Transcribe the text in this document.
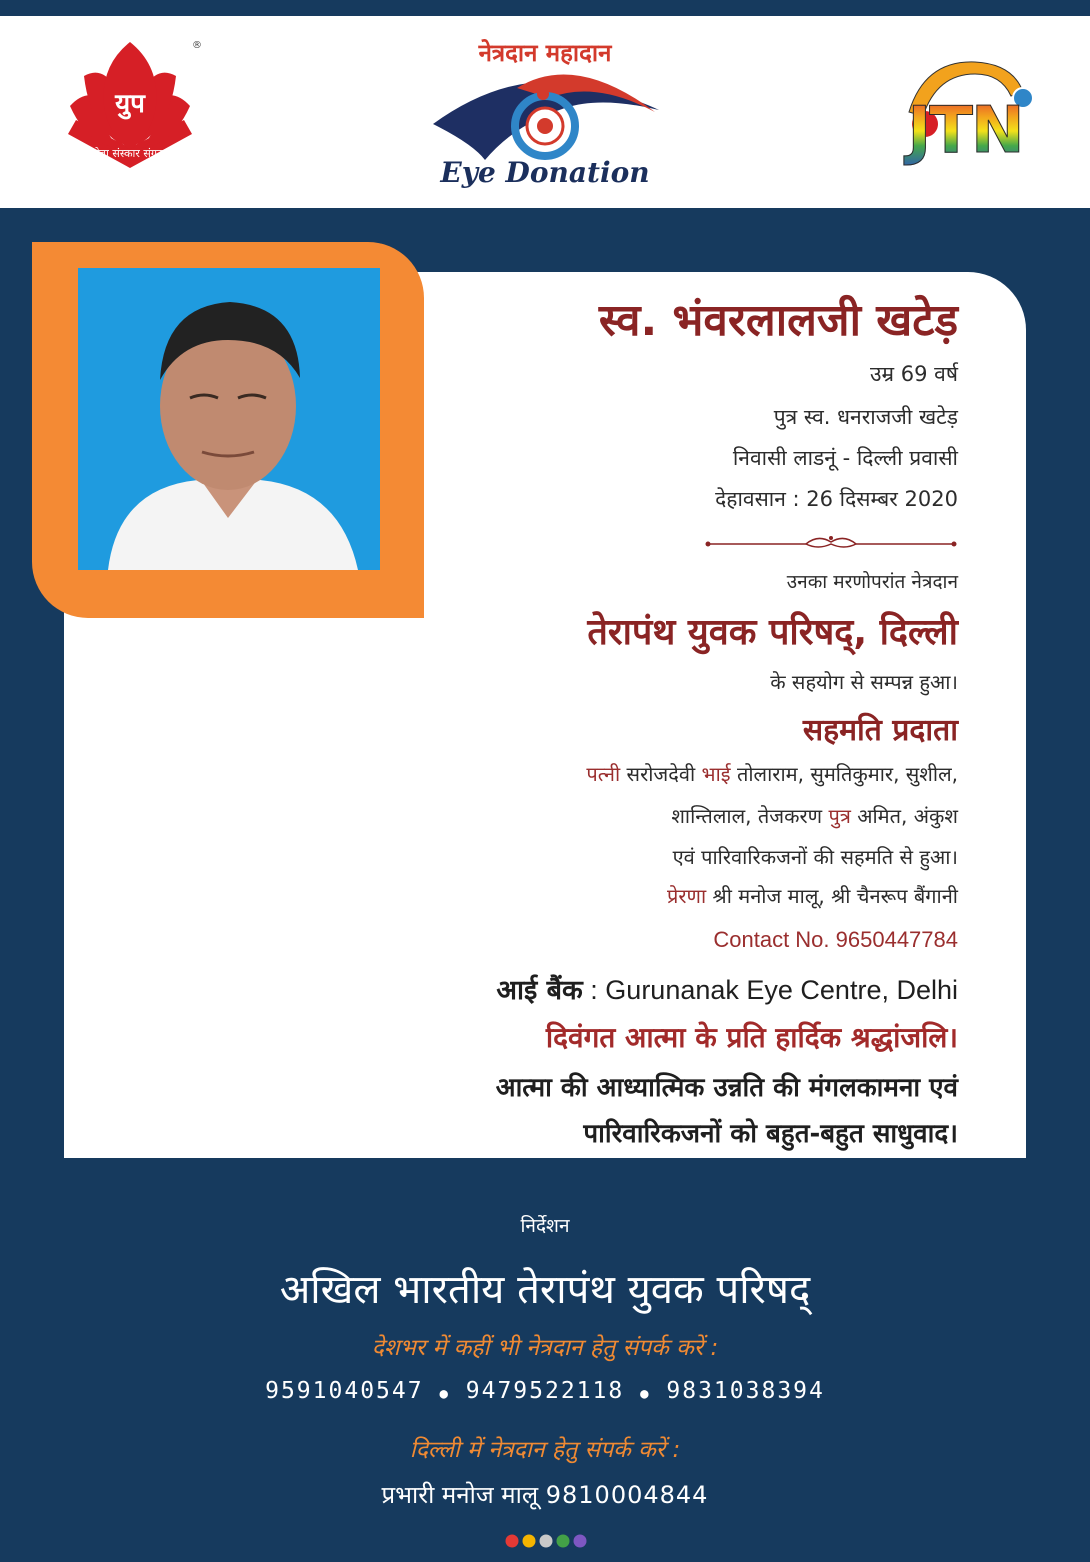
युप
®
सेवा संस्कार संगठन
नेत्रदान महादान
Eye Donation
JTN
स्व. भंवरलालजी खटेड़
उम्र 69 वर्ष
पुत्र स्व. धनराजजी खटेड़
निवासी लाडनूं - दिल्ली प्रवासी
देहावसान : 26 दिसम्बर 2020
उनका मरणोपरांत नेत्रदान
तेरापंथ युवक परिषद्, दिल्ली
के सहयोग से सम्पन्न हुआ।
सहमति प्रदाता
पत्नी सरोजदेवी भाई तोलाराम, सुमतिकुमार, सुशील,
शान्तिलाल, तेजकरण पुत्र अमित, अंकुश
एवं पारिवारिकजनों की सहमति से हुआ।
प्रेरणा श्री मनोज मालू, श्री चैनरूप बैंगानी
Contact No. 9650447784
आई बैंक : Gurunanak Eye Centre, Delhi
दिवंगत आत्मा के प्रति हार्दिक श्रद्धांजलि।
आत्मा की आध्यात्मिक उन्नति की मंगलकामना एवं
पारिवारिकजनों को बहुत-बहुत साधुवाद।
निर्देशन
अखिल भारतीय तेरापंथ युवक परिषद्
देशभर में कहीं भी नेत्रदान हेतु संपर्क करें :
9591040547 ● 9479522118 ● 9831038394
दिल्ली में नेत्रदान हेतु संपर्क करें :
प्रभारी मनोज मालू 9810004844
